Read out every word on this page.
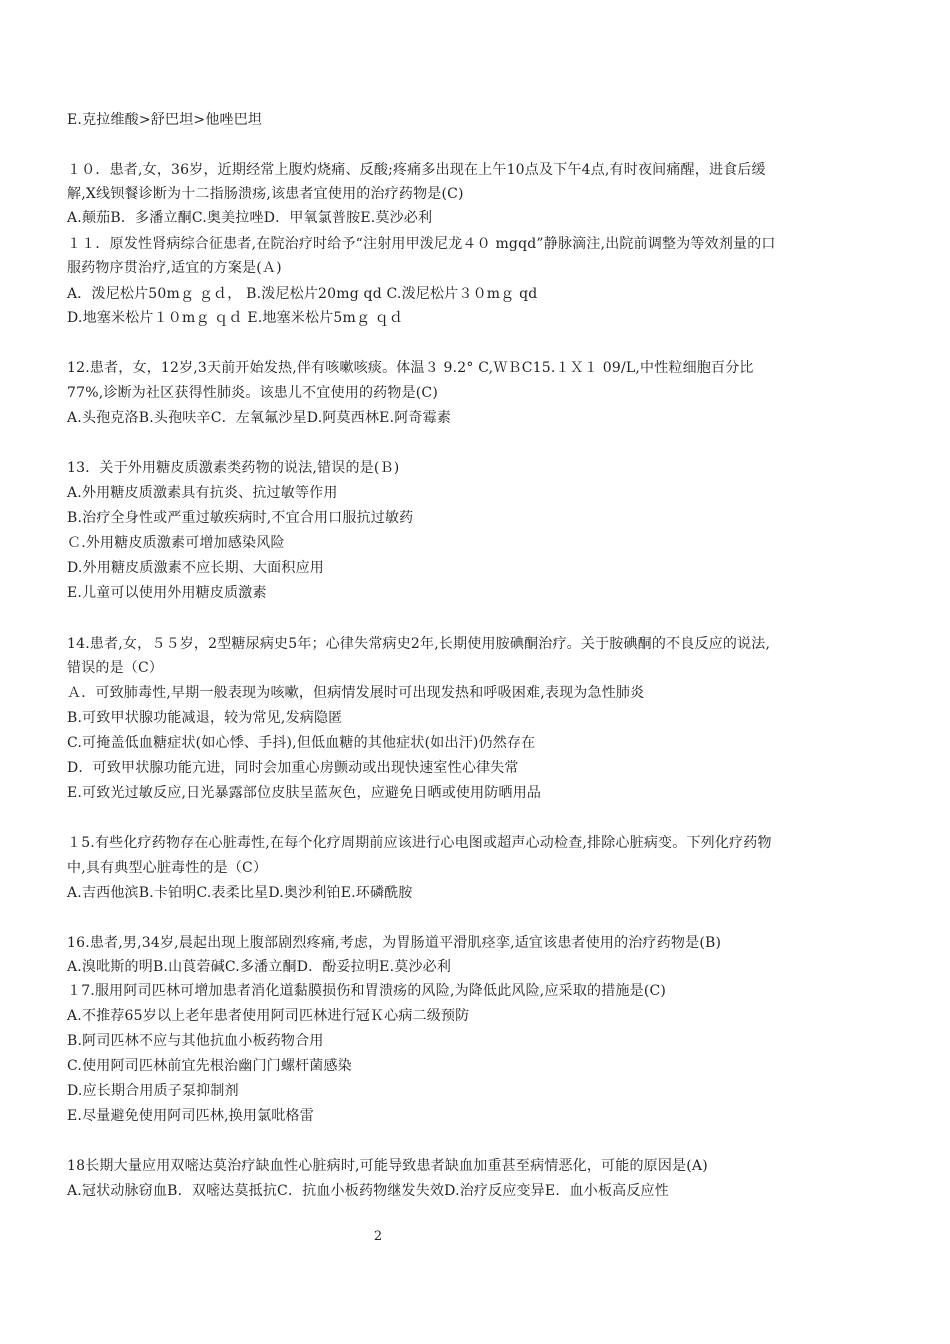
E.克拉维酸>舒巴坦>他唑巴坦
１０．患者,女，36岁，近期经常上腹灼烧痛、反酸;疼痛多出现在上午10点及下午4点,有时夜间痛醒，进食后缓
解,X线钡餐诊断为十二指肠溃疡,该患者宜使用的治疗药物是(C)
A.颠茄B．多潘立酮C.奥美拉唑D．甲氧氯普胺E.莫沙必利
１１．原发性肾病综合征患者,在院治疗时给予“注射用甲泼尼龙４０ mgqd”静脉滴注,出院前调整为等效剂量的口
服药物序贯治疗,适宜的方案是(Ａ)
A．泼尼松片50mｇ ｇｄ， B.泼尼松片20mg qd C.泼尼松片３０mｇ qd
D.地塞米松片１０mｇ ｑｄ E.地塞米松片5mｇ ｑｄ
12.患者，女，12岁,3天前开始发热,伴有咳嗽咳痰。体温３ 9.2° C,ＷＢC15.１Ｘ１ 09/L,中性粒细胞百分比
77%,诊断为社区获得性肺炎。该患儿不宜使用的药物是(C)
A.头孢克洛B.头孢呋辛C．左氧氟沙星D.阿莫西林E.阿奇霉素
13．关于外用糖皮质激素类药物的说法,错误的是(Ｂ)
A.外用糖皮质激素具有抗炎、抗过敏等作用
B.治疗全身性或严重过敏疾病时,不宜合用口服抗过敏药
Ｃ.外用糖皮质激素可增加感染风险
D.外用糖皮质激素不应长期、大面积应用
E.儿童可以使用外用糖皮质激素
14.患者,女，５５岁，2型糖尿病史5年；心律失常病史2年,长期使用胺碘酮治疗。关于胺碘酮的不良反应的说法,
错误的是（C）
Ａ．可致肺毒性,早期一般表现为咳嗽，但病情发展时可出现发热和呼吸困难,表现为急性肺炎
B.可致甲状腺功能减退，较为常见,发病隐匿
C.可掩盖低血糖症状(如心悸、手抖),但低血糖的其他症状(如出汗)仍然存在
D．可致甲状腺功能亢进，同时会加重心房颤动或出现快速室性心律失常
E.可致光过敏反应,日光暴露部位皮肤呈蓝灰色，应避免日晒或使用防晒用品
１5.有些化疗药物存在心脏毒性,在每个化疗周期前应该进行心电图或超声心动检查,排除心脏病变。下列化疗药物
中,具有典型心脏毒性的是（C）
A.吉西他滨B.卡铂明C.表柔比星D.奥沙利铂E.环磷酰胺
16.患者,男,34岁,晨起出现上腹部剧烈疼痛,考虑，为胃肠道平滑肌痉挛,适宜该患者使用的治疗药物是(B)
A.溴吡斯的明B.山莨菪碱C.多潘立酮D．酚妥拉明E.莫沙必利
１7.服用阿司匹林可增加患者消化道黏膜损伤和胃溃疡的风险,为降低此风险,应采取的措施是(C)
A.不推荐65岁以上老年患者使用阿司匹林进行冠Ｋ心病二级预防
B.阿司匹林不应与其他抗血小板药物合用
C.使用阿司匹林前宜先根治幽门门螺杆菌感染
D.应长期合用质子泵抑制剂
E.尽量避免使用阿司匹林,换用氯吡格雷
18长期大量应用双嘧达莫治疗缺血性心脏病时,可能导致患者缺血加重甚至病情恶化，可能的原因是(A)
A.冠状动脉窃血B．双嘧达莫抵抗C．抗血小板药物继发失效D.治疗反应变异E．血小板高反应性
2
